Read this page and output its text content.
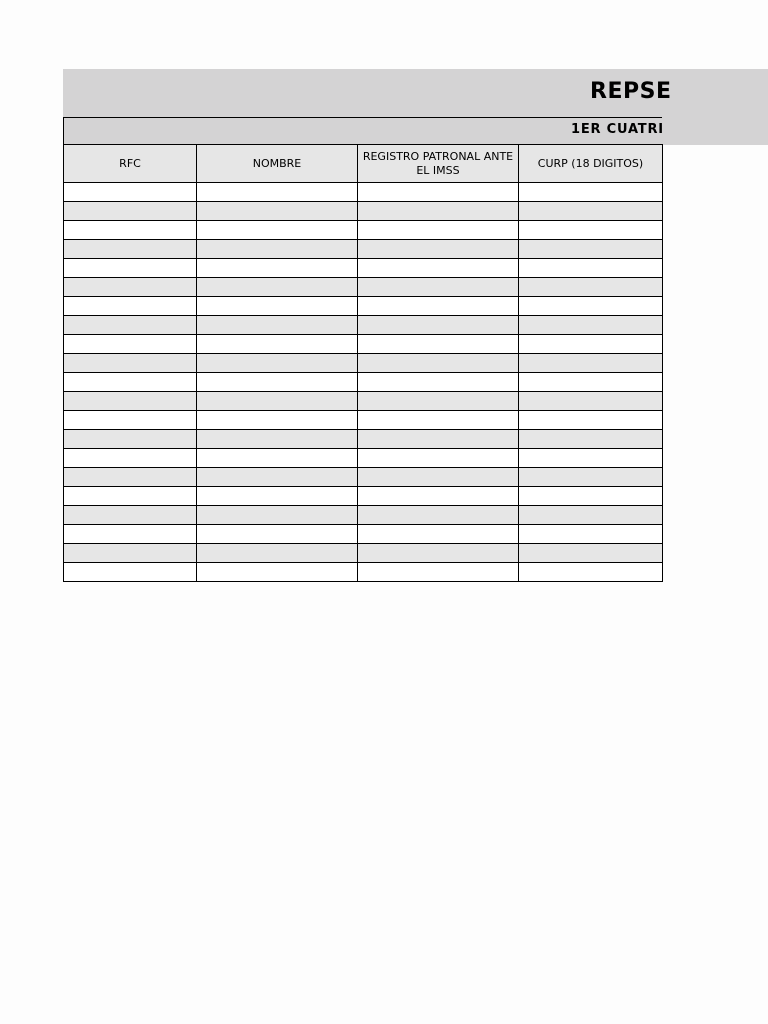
REPSE
1ER CUATRI
RFC	NOMBRE	REGISTRO PATRONAL ANTE EL IMSS	CURP (18 DIGITOS)
